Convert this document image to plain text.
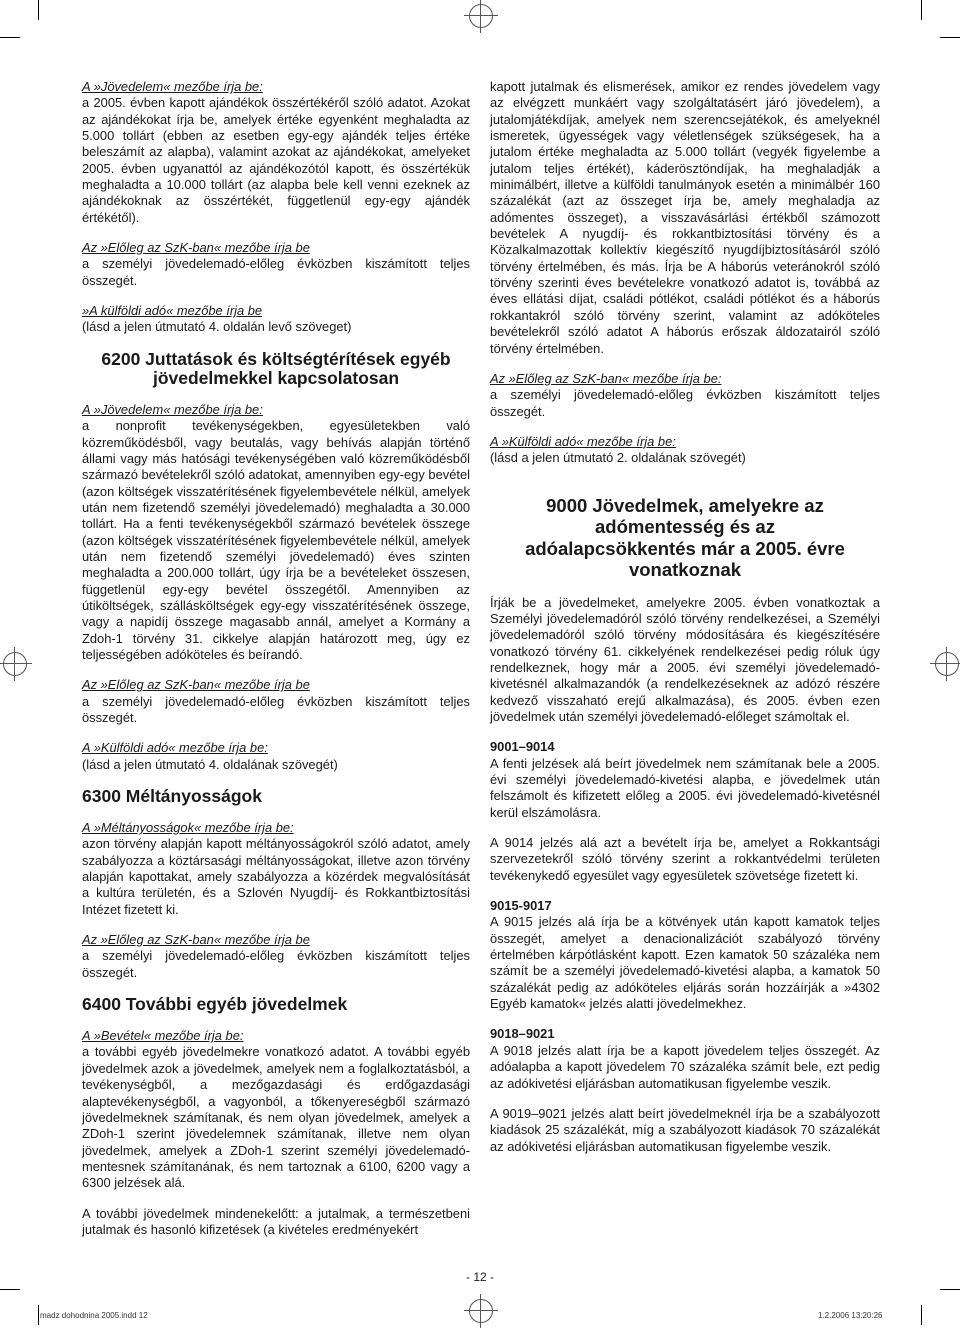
A »Jövedelem« mezőbe írja be:

a 2005. évben kapott ajándékok összértékéről szóló adatot. Azokat az ajándékokat írja be, amelyek értéke egyenként meghaladta az 5.000 tollárt (ebben az esetben egy-egy ajándék teljes értéke beleszámít az alapba), valamint azokat az ajándékokat, amelyeket 2005. évben ugyanattól az ajándékozótól kapott, és összértékük meghaladta a 10.000 tollárt (az alapba bele kell venni ezeknek az ajándékoknak az összértékét, függetlenül egy-egy ajándék értékétől).

Az »Előleg az SzK-ban« mezőbe írja be

a személyi jövedelemadó-előleg évközben kiszámított teljes összegét.

»A külföldi adó« mezőbe írja be

(lásd a jelen útmutató 4. oldalán levő szöveget)

6200 Juttatások és költségtérítések egyéb jövedelmekkel kapcsolatosan

A »Jövedelem« mezőbe írja be:

a nonprofit tevékenységekben, egyesületekben való közreműködésből, vagy beutalás, vagy behívás alapján történő állami vagy más hatósági tevékenységében való közreműködésből származó bevételekről szóló adatokat, amennyiben egy-egy bevétel (azon költségek visszatérítésének figyelembevétele nélkül, amelyek után nem fizetendő személyi jövedelemadó) meghaladta a 30.000 tollárt. Ha a fenti tevékenységekből származó bevételek összege (azon költségek visszatérítésének figyelembevétele nélkül, amelyek után nem fizetendő személyi jövedelemadó) éves szinten meghaladta a 200.000 tollárt, úgy írja be a bevételeket összesen, függetlenül egy-egy bevétel összegétől. Amennyiben az útiköltségek, szállásköltségek egy-egy visszatérítésének összege, vagy a napidíj összege magasabb annál, amelyet a Kormány a Zdoh-1 törvény 31. cikkelye alapján határozott meg, úgy ez teljességében adóköteles és beírandó.

Az »Előleg az SzK-ban« mezőbe írja be

a személyi jövedelemadó-előleg évközben kiszámított teljes összegét.

A »Külföldi adó« mezőbe írja be:

(lásd a jelen útmutató 4. oldalának szövegét)

6300 Méltányosságok

A »Méltányosságok« mezőbe írja be:

azon törvény alapján kapott méltányosságokról szóló adatot, amely szabályozza a köztársasági méltányosságokat, illetve azon törvény alapján kapottakat, amely szabályozza a közérdek megvalósítását a kultúra területén, és a Szlovén Nyugdíj- és Rokkantbiztosítási Intézet fizetett ki.

Az »Előleg az SzK-ban« mezőbe írja be

a személyi jövedelemadó-előleg évközben kiszámított teljes összegét.

6400 További egyéb jövedelmek

A »Bevétel« mezőbe írja be:

a további egyéb jövedelmekre vonatkozó adatot. A további egyéb jövedelmek azok a jövedelmek, amelyek nem a foglalkoztatásból, a tevékenységből, a mezőgazdasági és erdőgazdasági alaptevékenységből, a vagyonból, a tőkenyereségből származó jövedelmeknek számítanak, és nem olyan jövedelmek, amelyek a ZDoh-1 szerint jövedelemnek számítanak, illetve nem olyan jövedelmek, amelyek a ZDoh-1 szerint személyi jövedelemadó-mentesnek számítanának, és nem tartoznak a 6100, 6200 vagy a 6300 jelzések alá.

A további jövedelmek mindenekelőtt: a jutalmak, a természetbeni jutalmak és hasonló kifizetések (a kivételes eredményekért

kapott jutalmak és elismerések, amikor ez rendes jövedelem vagy az elvégzett munkáért vagy szolgáltatásért járó jövedelem), a jutalomjátékdíjak, amelyek nem szerencsejátékok, és amelyeknél ismeretek, ügyességek vagy véletlenségek szükségesek, ha a jutalom értéke meghaladta az 5.000 tollárt (vegyék figyelembe a jutalom teljes értékét), káderösztöndíjak, ha meghaladják a minimálbért, illetve a külföldi tanulmányok esetén a minimálbér 160 százalékát (azt az összeget írja be, amely meghaladja az adómentes összeget), a visszavásárlási értékből számozott bevételek A nyugdíj- és rokkantbiztosítási törvény és a Közalkalmazottak kollektív kiegészítő nyugdíjbiztosításáról szóló törvény értelmében, és más. Írja be A háborús veteránokról szóló törvény szerinti éves bevételekre vonatkozó adatot is, továbbá az éves ellátási díjat, családi pótlékot, családi pótlékot és a háborús rokkantakról szóló törvény szerint, valamint az adóköteles bevételekről szóló adatot A háborús erőszak áldozatairól szóló törvény értelmében.

Az »Előleg az SzK-ban« mezőbe írja be:

a személyi jövedelemadó-előleg évközben kiszámított teljes összegét.

A »Külföldi adó« mezőbe írja be:

(lásd a jelen útmutató 2. oldalának szövegét)

9000 Jövedelmek, amelyekre az adómentesség és az adóalapcsökkentés már a 2005. évre vonatkoznak

Írják be a jövedelmeket, amelyekre 2005. évben vonatkoztak a Személyi jövedelemadóról szóló törvény rendelkezései, a Személyi jövedelemadóról szóló törvény módosítására és kiegészítésére vonatkozó törvény 61. cikkelyének rendelkezései pedig róluk úgy rendelkeznek, hogy már a 2005. évi személyi jövedelemadó-kivetésnél alkalmazandók (a rendelkezéseknek az adózó részére kedvező visszaható erejű alkalmazása), és 2005. évben ezen jövedelmek után személyi jövedelemadó-előleget számoltak el.

9001–9014

A fenti jelzések alá beírt jövedelmek nem számítanak bele a 2005. évi személyi jövedelemadó-kivetési alapba, e jövedelmek után felszámolt és kifizetett előleg a 2005. évi jövedelemadó-kivetésnél kerül elszámolásra.

A 9014 jelzés alá azt a bevételt írja be, amelyet a Rokkantsági szervezetekről szóló törvény szerint a rokkantvédelmi területen tevékenykedő egyesület vagy egyesületek szövetsége fizetett ki.

9015-9017

A 9015 jelzés alá írja be a kötvények után kapott kamatok teljes összegét, amelyet a denacionalizációt szabályozó törvény értelmében kárpótlásként kapott. Ezen kamatok 50 százaléka nem számít be a személyi jövedelemadó-kivetési alapba, a kamatok 50 százalékát pedig az adóköteles eljárás során hozzáírják a »4302 Egyéb kamatok« jelzés alatti jövedelmekhez.

9018–9021

A 9018 jelzés alatt írja be a kapott jövedelem teljes összegét. Az adóalapba a kapott jövedelem 70 százaléka számít bele, ezt pedig az adókivetési eljárásban automatikusan figyelembe veszik.

A 9019–9021 jelzés alatt beírt jövedelmeknél írja be a szabályozott kiadások 25 százalékát, míg a szabályozott kiadások 70 százalékát az adókivetési eljárásban automatikusan figyelembe veszik.

- 12 -
madz dohodnina 2005.indd 12	1.2.2006 13:20:26
